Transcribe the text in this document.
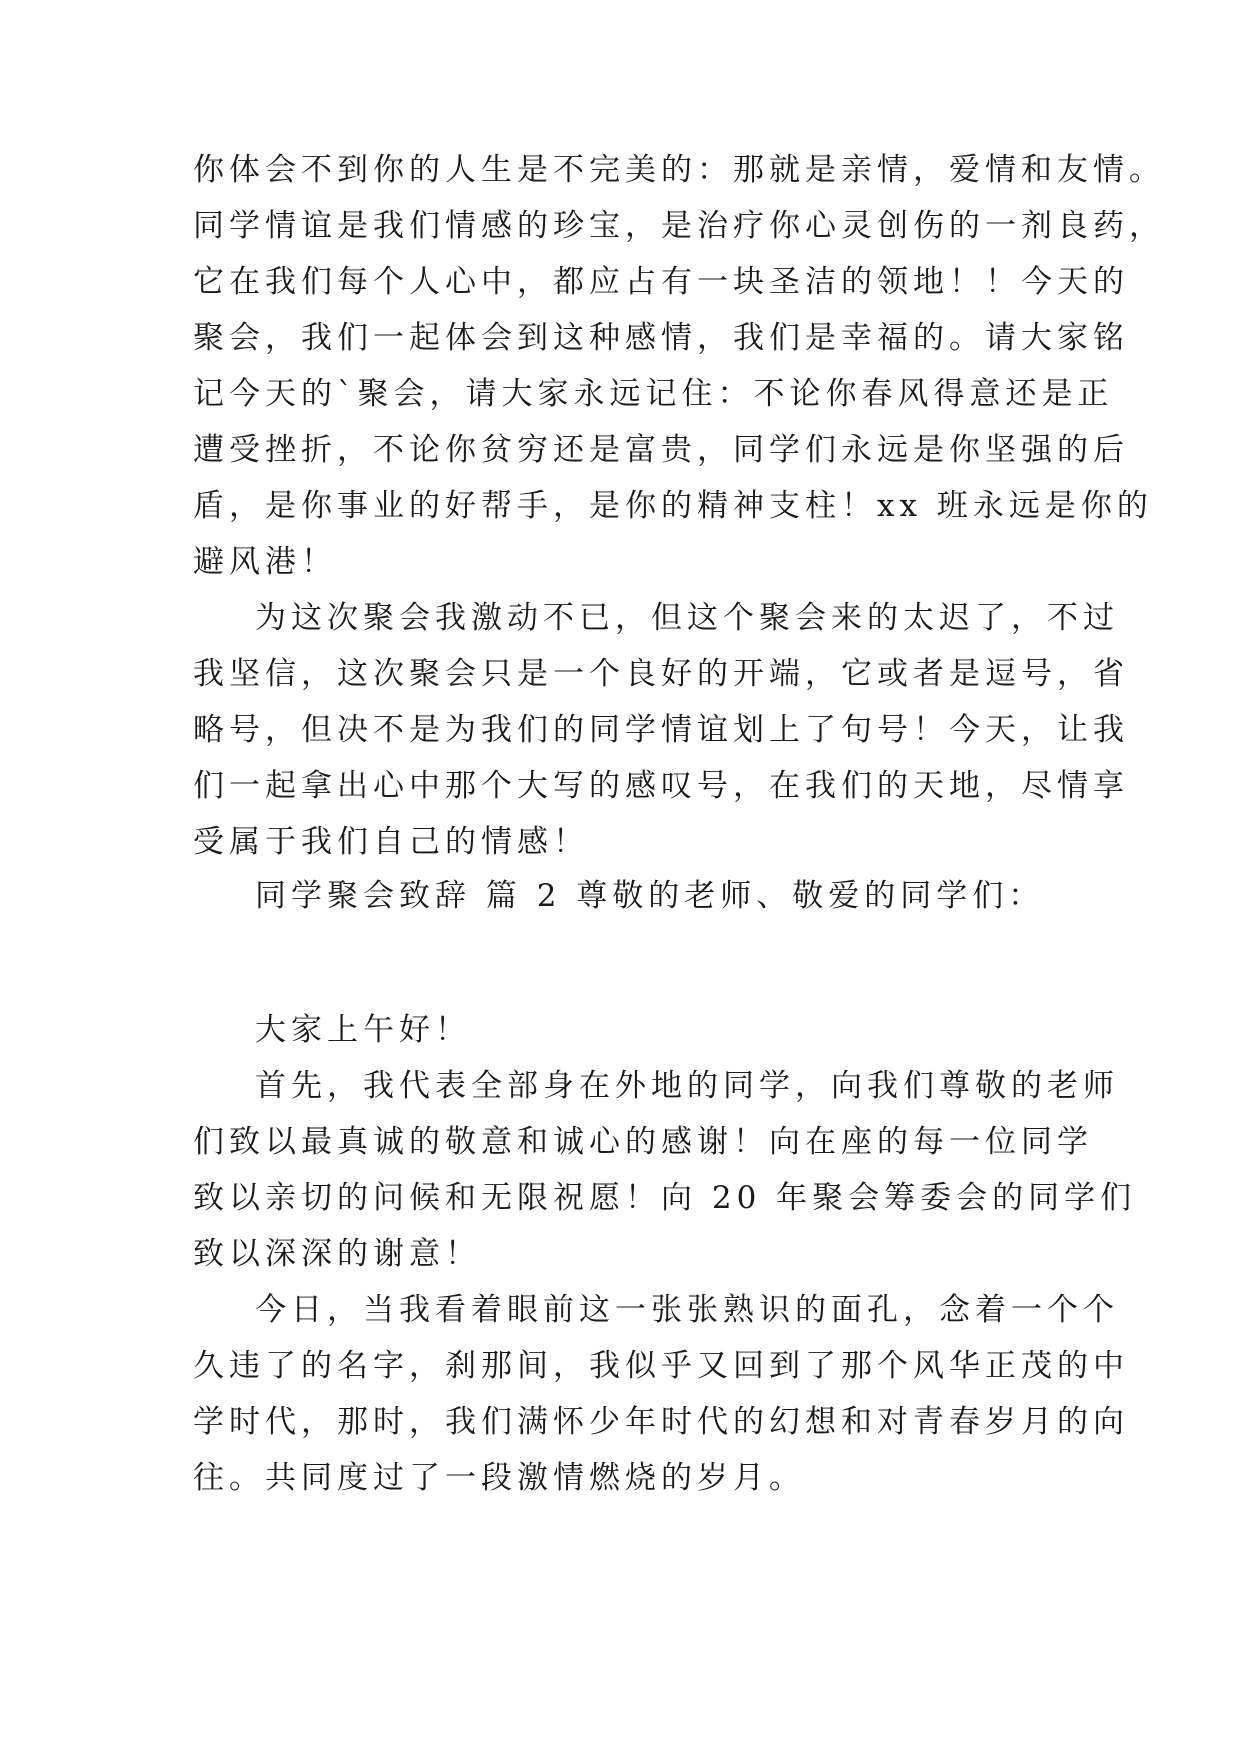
你体会不到你的人生是不完美的：那就是亲情，爱情和友情。
同学情谊是我们情感的珍宝，是治疗你心灵创伤的一剂良药，
它在我们每个人心中，都应占有一块圣洁的领地！！今天的
聚会，我们一起体会到这种感情，我们是幸福的。请大家铭
记今天的`聚会，请大家永远记住：不论你春风得意还是正
遭受挫折，不论你贫穷还是富贵，同学们永远是你坚强的后
盾，是你事业的好帮手，是你的精神支柱！xx 班永远是你的
避风港！
为这次聚会我激动不已，但这个聚会来的太迟了，不过
我坚信，这次聚会只是一个良好的开端，它或者是逗号，省
略号，但决不是为我们的同学情谊划上了句号！今天，让我
们一起拿出心中那个大写的感叹号，在我们的天地，尽情享
受属于我们自己的情感！
同学聚会致辞 篇 2 尊敬的老师、敬爱的同学们：
大家上午好！
首先，我代表全部身在外地的同学，向我们尊敬的老师
们致以最真诚的敬意和诚心的感谢！向在座的每一位同学
致以亲切的问候和无限祝愿！向 20 年聚会筹委会的同学们
致以深深的谢意！
今日，当我看着眼前这一张张熟识的面孔，念着一个个
久违了的名字，刹那间，我似乎又回到了那个风华正茂的中
学时代，那时，我们满怀少年时代的幻想和对青春岁月的向
往。共同度过了一段激情燃烧的岁月。
